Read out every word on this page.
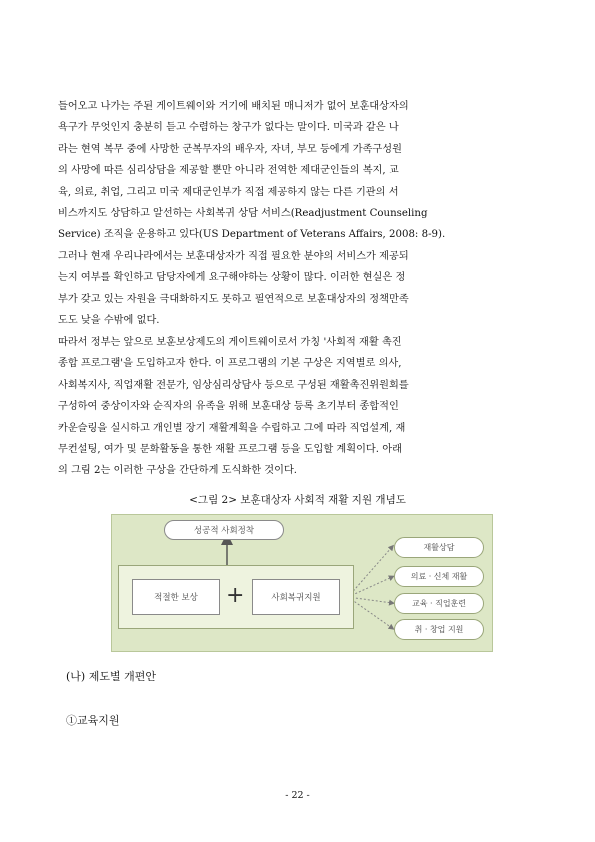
들어오고 나가는 주된 게이트웨이와 거기에 배치된 매니저가 없어 보훈대상자의
욕구가 무엇인지 충분히 듣고 수렴하는 창구가 없다는 말이다. 미국과 같은 나
라는 현역 복무 중에 사망한 군복무자의 배우자, 자녀, 부모 등에게 가족구성원
의 사망에 따른 심리상담을 제공할 뿐만 아니라 전역한 제대군인들의 복지, 교
육, 의료, 취업, 그리고 미국 제대군인부가 직접 제공하지 않는 다른 기관의 서
비스까지도 상담하고 알선하는 사회복귀 상담 서비스(Readjustment Counseling
Service) 조직을 운용하고 있다(US Department of Veterans Affairs, 2008: 8-9).
그러나 현재 우리나라에서는 보훈대상자가 직접 필요한 분야의 서비스가 제공되
는지 여부를 확인하고 담당자에게 요구해야하는 상황이 많다. 이러한 현실은 정
부가 갖고 있는 자원을 극대화하지도 못하고 필연적으로 보훈대상자의 정책만족
도도 낮을 수밖에 없다.
따라서 정부는 앞으로 보훈보상제도의 게이트웨이로서 가칭 '사회적 재활 촉진
종합 프로그램'을 도입하고자 한다. 이 프로그램의 기본 구상은 지역별로 의사,
사회복지사, 직업재활 전문가, 임상심리상담사 등으로 구성된 재활촉진위원회를
구성하여 중상이자와 순직자의 유족을 위해 보훈대상 등록 초기부터 종합적인
카운슬링을 실시하고 개인별 장기 재활계획을 수립하고 그에 따라 직업설계, 재
무컨설팅, 여가 및 문화활동을 통한 재활 프로그램 등을 도입할 계획이다. 아래
의 그림 2는 이러한 구상을 간단하게 도식화한 것이다.
<그림 2> 보훈대상자 사회적 재활 지원 개념도
성공적 사회정착
적절한 보상	+	사회복귀지원
재활상담
의료 · 신체 재활
교육 · 직업훈련
취 · 창업 지원
(나) 제도별 개편안
①교육지원
- 22 -
